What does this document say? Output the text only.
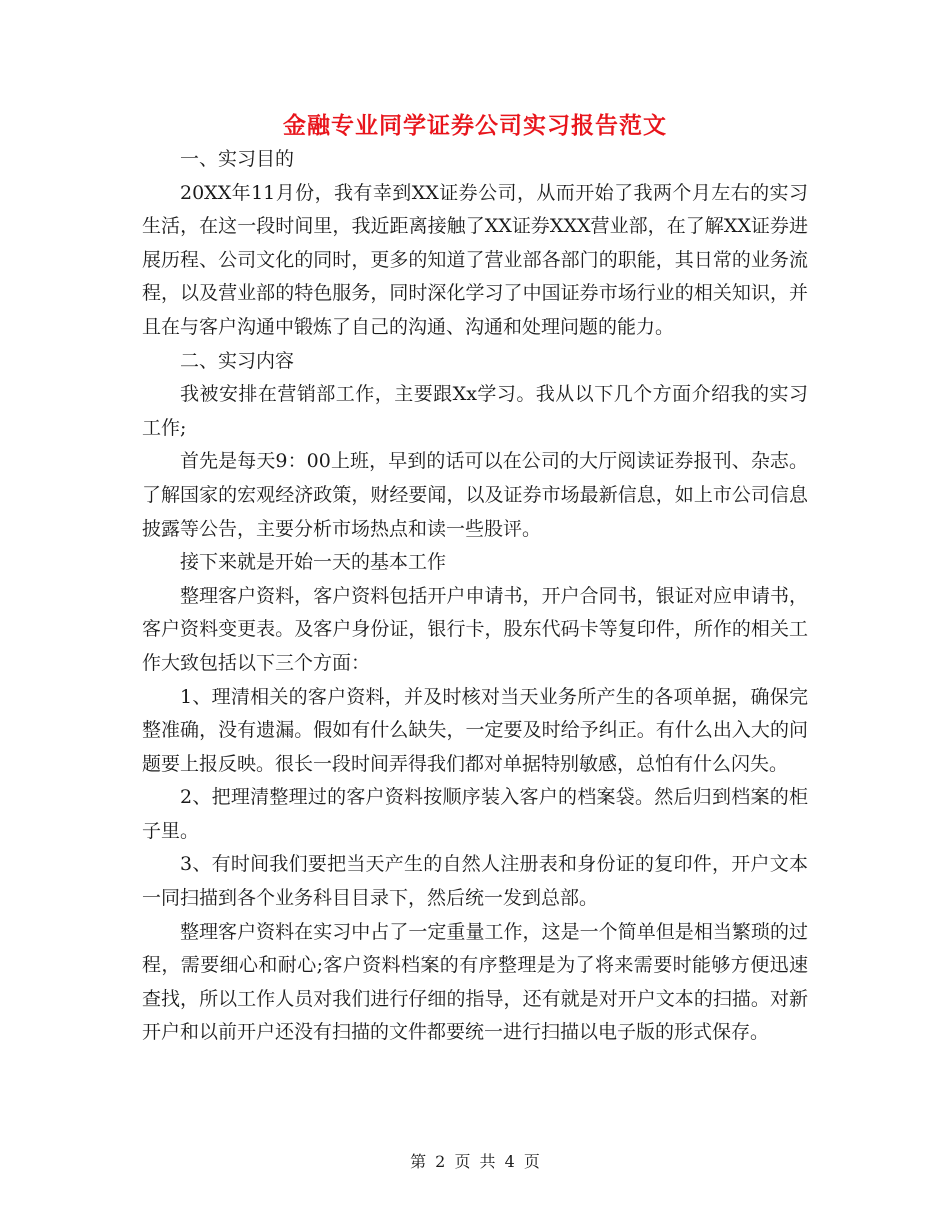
金融专业同学证券公司实习报告范文

一、实习目的

20XX年11月份，我有幸到XX证券公司，从而开始了我两个月左右的实习生活，在这一段时间里，我近距离接触了XX证券XXX营业部，在了解XX证券进展历程、公司文化的同时，更多的知道了营业部各部门的职能，其日常的业务流程，以及营业部的特色服务，同时深化学习了中国证券市场行业的相关知识，并且在与客户沟通中锻炼了自己的沟通、沟通和处理问题的能力。

二、实习内容

我被安排在营销部工作，主要跟Xx学习。我从以下几个方面介绍我的实习工作;

首先是每天9：00上班，早到的话可以在公司的大厅阅读证券报刊、杂志。了解国家的宏观经济政策，财经要闻，以及证券市场最新信息，如上市公司信息披露等公告，主要分析市场热点和读一些股评。

接下来就是开始一天的基本工作

整理客户资料，客户资料包括开户申请书，开户合同书，银证对应申请书，客户资料变更表。及客户身份证，银行卡，股东代码卡等复印件，所作的相关工作大致包括以下三个方面：

1、理清相关的客户资料，并及时核对当天业务所产生的各项单据，确保完整准确，没有遗漏。假如有什么缺失，一定要及时给予纠正。有什么出入大的问题要上报反映。很长一段时间弄得我们都对单据特别敏感，总怕有什么闪失。

2、把理清整理过的客户资料按顺序装入客户的档案袋。然后归到档案的柜子里。

3、有时间我们要把当天产生的自然人注册表和身份证的复印件，开户文本一同扫描到各个业务科目目录下，然后统一发到总部。

整理客户资料在实习中占了一定重量工作，这是一个简单但是相当繁琐的过程，需要细心和耐心;客户资料档案的有序整理是为了将来需要时能够方便迅速查找，所以工作人员对我们进行仔细的指导，还有就是对开户文本的扫描。对新开户和以前开户还没有扫描的文件都要统一进行扫描以电子版的形式保存。

第 2 页 共 4 页
